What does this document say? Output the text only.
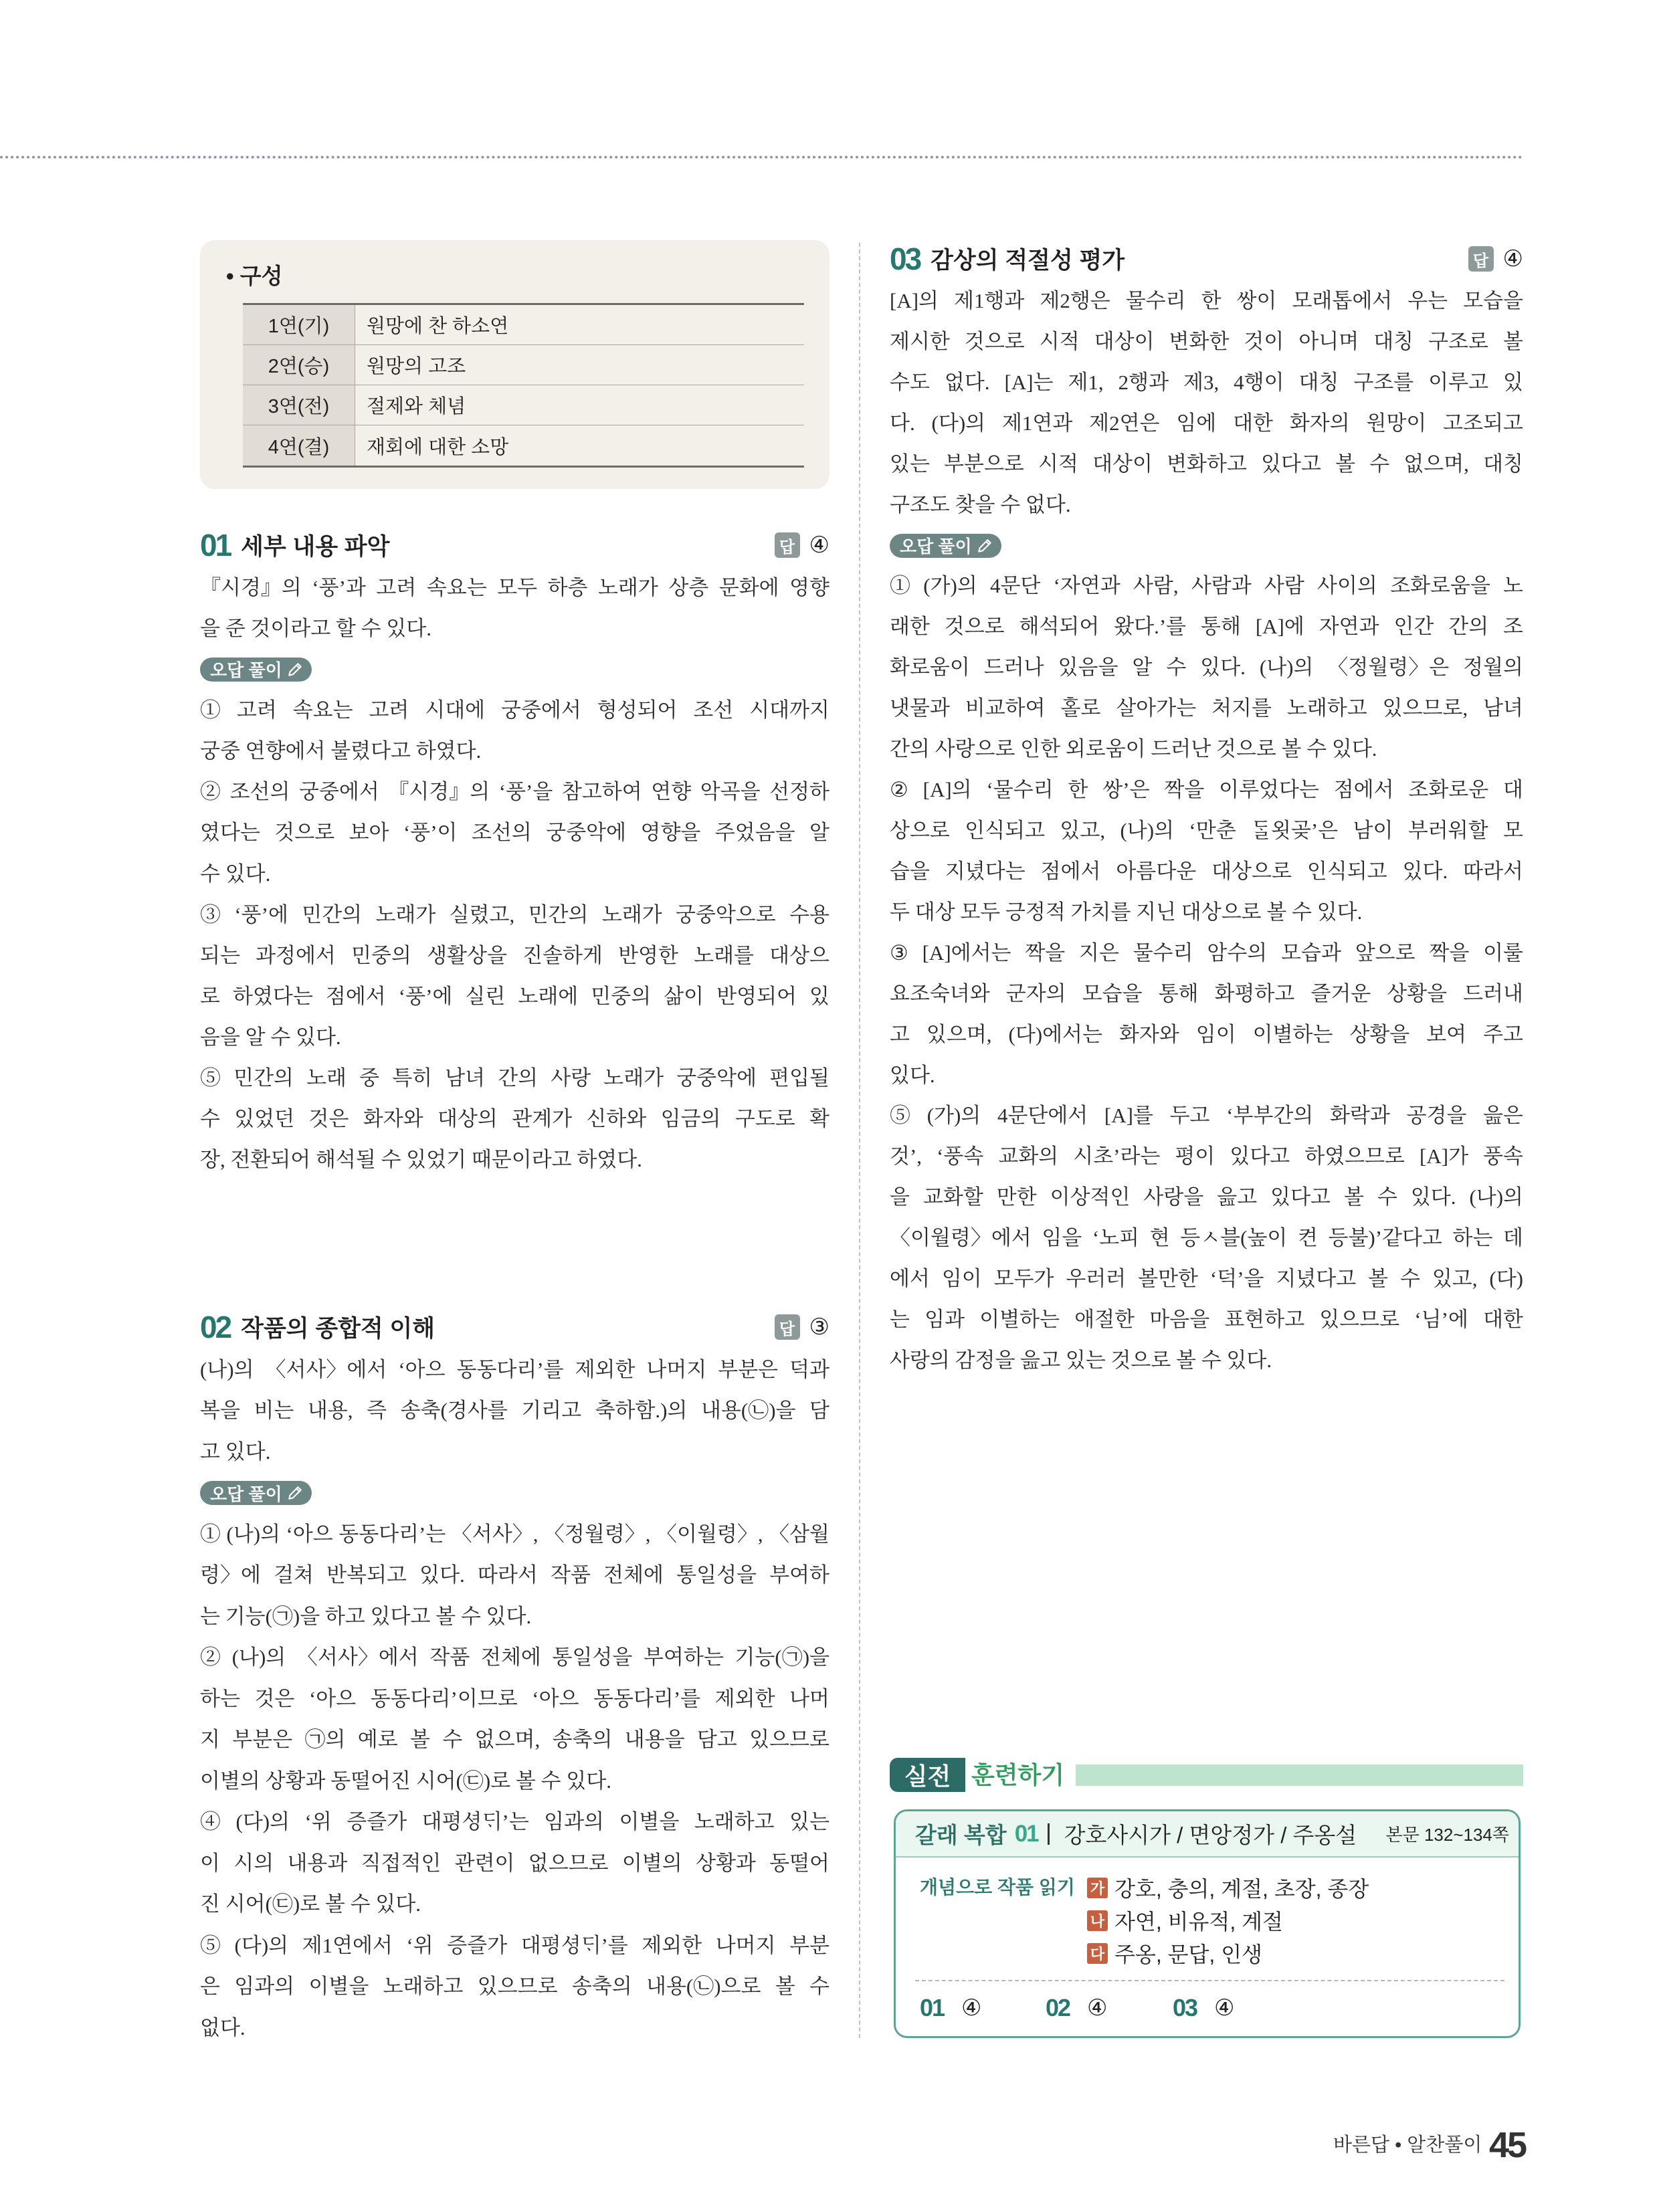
• 구성
1연(기)	원망에 찬 하소연
2연(승)	원망의 고조
3연(전)	절제와 체념
4연(결)	재회에 대한 소망
01 세부 내용 파악	답 ④
『시경』의 ‘풍’과 고려 속요는 모두 하층 노래가 상층 문화에 영향
을 준 것이라고 할 수 있다.
오답 풀이
① 고려 속요는 고려 시대에 궁중에서 형성되어 조선 시대까지
궁중 연향에서 불렸다고 하였다.
② 조선의 궁중에서 『시경』의 ‘풍’을 참고하여 연향 악곡을 선정하
였다는 것으로 보아 ‘풍’이 조선의 궁중악에 영향을 주었음을 알
수 있다.
③ ‘풍’에 민간의 노래가 실렸고, 민간의 노래가 궁중악으로 수용
되는 과정에서 민중의 생활상을 진솔하게 반영한 노래를 대상으
로 하였다는 점에서 ‘풍’에 실린 노래에 민중의 삶이 반영되어 있
음을 알 수 있다.
⑤ 민간의 노래 중 특히 남녀 간의 사랑 노래가 궁중악에 편입될
수 있었던 것은 화자와 대상의 관계가 신하와 임금의 구도로 확
장, 전환되어 해석될 수 있었기 때문이라고 하였다.
02 작품의 종합적 이해	답 ③
(나)의 〈서사〉에서 ‘아으 동동다리’를 제외한 나머지 부분은 덕과
복을 비는 내용, 즉 송축(경사를 기리고 축하함.)의 내용(㉡)을 담
고 있다.
오답 풀이
① (나)의 ‘아으 동동다리’는 〈서사〉, 〈정월령〉, 〈이월령〉, 〈삼월
령〉에 걸쳐 반복되고 있다. 따라서 작품 전체에 통일성을 부여하
는 기능(㉠)을 하고 있다고 볼 수 있다.
② (나)의 〈서사〉에서 작품 전체에 통일성을 부여하는 기능(㉠)을
하는 것은 ‘아으 동동다리’이므로 ‘아으 동동다리’를 제외한 나머
지 부분은 ㉠의 예로 볼 수 없으며, 송축의 내용을 담고 있으므로
이별의 상황과 동떨어진 시어(㉢)로 볼 수 있다.
④ (다)의 ‘위 증즐가 대평셩ᄃᆡ’는 임과의 이별을 노래하고 있는
이 시의 내용과 직접적인 관련이 없으므로 이별의 상황과 동떨어
진 시어(㉢)로 볼 수 있다.
⑤ (다)의 제1연에서 ‘위 증즐가 대평셩ᄃᆡ’를 제외한 나머지 부분
은 임과의 이별을 노래하고 있으므로 송축의 내용(㉡)으로 볼 수
없다.
03 감상의 적절성 평가	답 ④
[A]의 제1행과 제2행은 물수리 한 쌍이 모래톱에서 우는 모습을
제시한 것으로 시적 대상이 변화한 것이 아니며 대칭 구조로 볼
수도 없다. [A]는 제1, 2행과 제3, 4행이 대칭 구조를 이루고 있
다. (다)의 제1연과 제2연은 임에 대한 화자의 원망이 고조되고
있는 부분으로 시적 대상이 변화하고 있다고 볼 수 없으며, 대칭
구조도 찾을 수 없다.
오답 풀이
① (가)의 4문단 ‘자연과 사람, 사람과 사람 사이의 조화로움을 노
래한 것으로 해석되어 왔다.’를 통해 [A]에 자연과 인간 간의 조
화로움이 드러나 있음을 알 수 있다. (나)의 〈정월령〉은 정월의
냇물과 비교하여 홀로 살아가는 처지를 노래하고 있으므로, 남녀
간의 사랑으로 인한 외로움이 드러난 것으로 볼 수 있다.
② [A]의 ‘물수리 한 쌍’은 짝을 이루었다는 점에서 조화로운 대
상으로 인식되고 있고, (나)의 ‘만춘 ᄃᆞᆯ욋곶’은 남이 부러워할 모
습을 지녔다는 점에서 아름다운 대상으로 인식되고 있다. 따라서
두 대상 모두 긍정적 가치를 지닌 대상으로 볼 수 있다.
③ [A]에서는 짝을 지은 물수리 암수의 모습과 앞으로 짝을 이룰
요조숙녀와 군자의 모습을 통해 화평하고 즐거운 상황을 드러내
고 있으며, (다)에서는 화자와 임이 이별하는 상황을 보여 주고
있다.
⑤ (가)의 4문단에서 [A]를 두고 ‘부부간의 화락과 공경을 읊은
것’, ‘풍속 교화의 시초’라는 평이 있다고 하였으므로 [A]가 풍속
을 교화할 만한 이상적인 사랑을 읊고 있다고 볼 수 있다. (나)의
〈이월령〉에서 임을 ‘노피 현 등ㅅ블(높이 켠 등불)’같다고 하는 데
에서 임이 모두가 우러러 볼만한 ‘덕’을 지녔다고 볼 수 있고, (다)
는 임과 이별하는 애절한 마음을 표현하고 있으므로 ‘님’에 대한
사랑의 감정을 읊고 있는 것으로 볼 수 있다.
실전 훈련하기
갈래 복합 01 강호사시가 / 면앙정가 / 주옹설 본문 132~134쪽
개념으로 작품 읽기 가 강호, 충의, 계절, 초장, 종장
나 자연, 비유적, 계절
다 주옹, 문답, 인생
01 ④	02 ④	03 ④
바른답 • 알찬풀이 45
